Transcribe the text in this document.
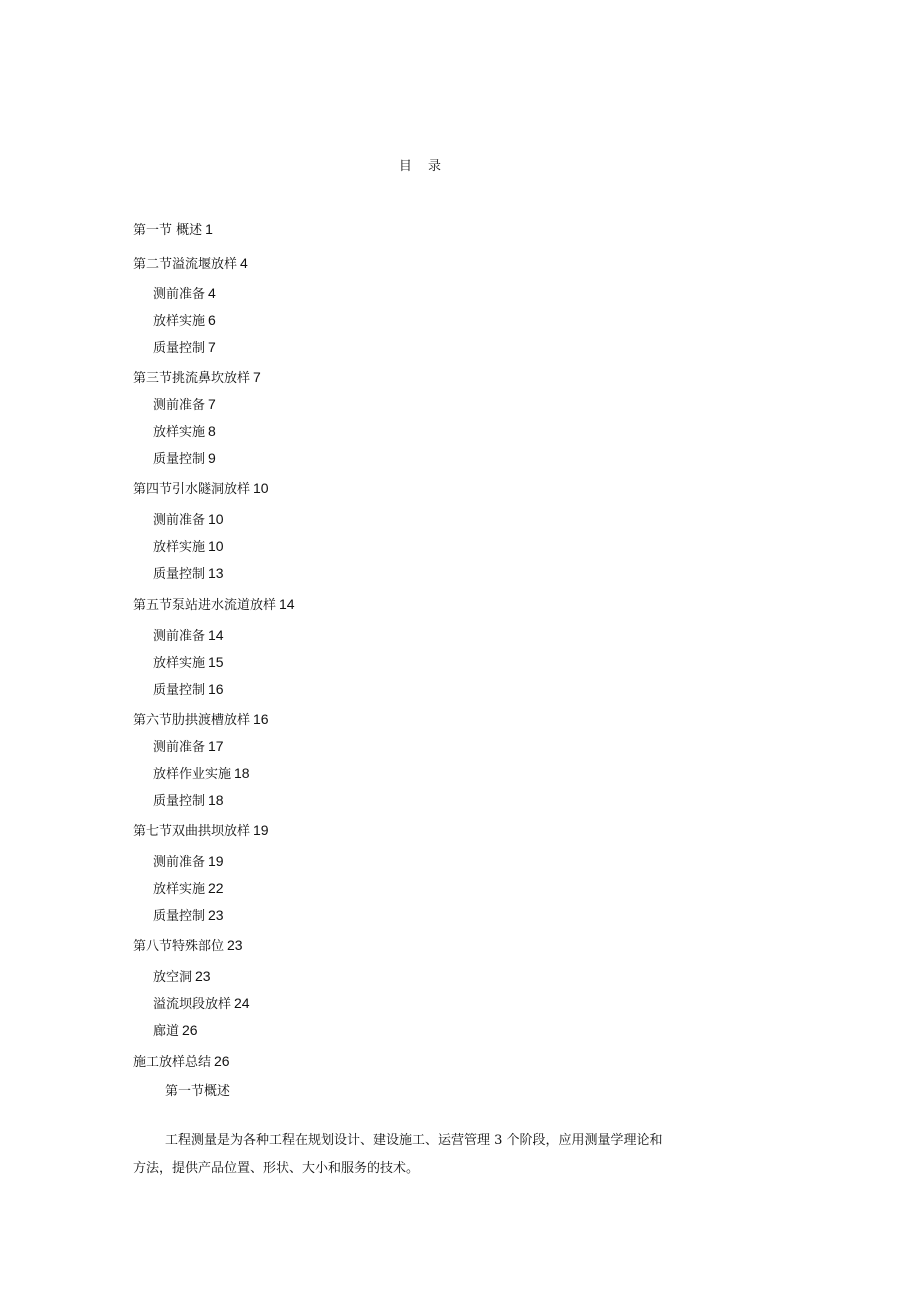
目 录
第一节 概述 1
第二节溢流堰放样 4
测前准备 4
放样实施 6
质量控制 7
第三节挑流鼻坎放样 7
测前准备 7
放样实施 8
质量控制 9
第四节引水隧洞放样 10
测前准备 10
放样实施 10
质量控制 13
第五节泵站进水流道放样 14
测前准备 14
放样实施 15
质量控制 16
第六节肋拱渡槽放样 16
测前准备 17
放样作业实施 18
质量控制 18
第七节双曲拱坝放样 19
测前准备 19
放样实施 22
质量控制 23
第八节特殊部位 23
放空洞 23
溢流坝段放样 24
廊道 26
施工放样总结 26
第一节概述
工程测量是为各种工程在规划设计、建设施工、运营管理 3 个阶段，应用测量学理论和
方法，提供产品位置、形状、大小和服务的技术。
